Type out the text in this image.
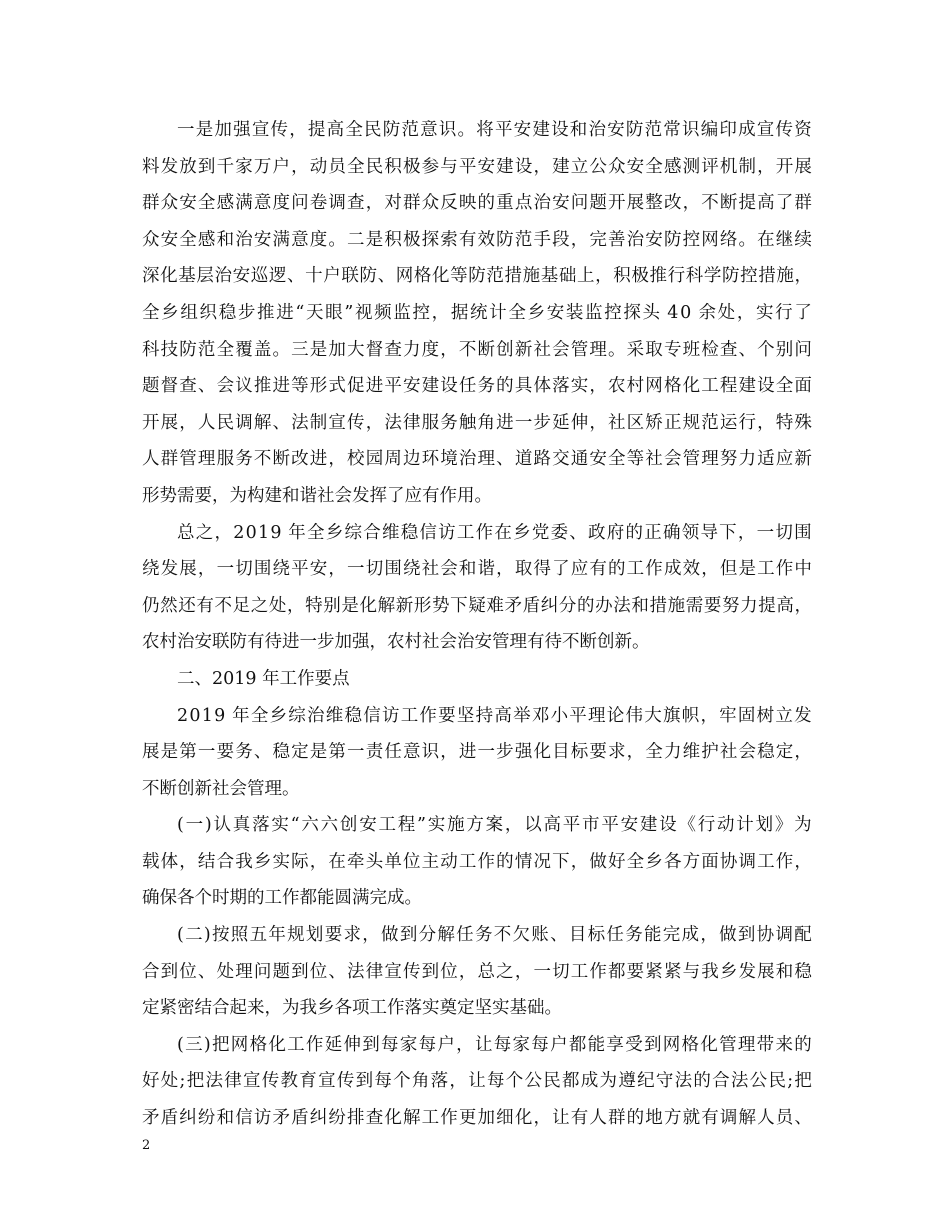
　　一 是 加 强 宣 传 ， 提 高 全 民 防 范 意 识 。 将 平 安 建 设 和 治 安 防 范 常 识 编 印 成 宣 传 资
料 发 放 到 千 家 万 户 ， 动 员 全 民 积 极 参 与 平 安 建 设 ， 建 立 公 众 安 全 感 测 评 机 制 ， 开 展
群 众 安 全 感 满 意 度 问 卷 调 查 ， 对 群 众 反 映 的 重 点 治 安 问 题 开 展 整 改 ， 不 断 提 高 了 群
众 安 全 感 和 治 安 满 意 度 。 二 是 积 极 探 索 有 效 防 范 手 段 ， 完 善 治 安 防 控 网 络 。 在 继 续
深 化 基 层 治 安 巡 逻 、 十 户 联 防 、 网 格 化 等 防 范 措 施 基 础 上 ， 积 极 推 行 科 学 防 控 措 施 ，
全 乡 组 织 稳 步 推 进 “ 天 眼 ” 视 频 监 控 ， 据 统 计 全 乡 安 装 监 控 探 头 4 0 余 处 ， 实 行 了
科 技 防 范 全 覆 盖 。 三 是 加 大 督 查 力 度 ， 不 断 创 新 社 会 管 理 。 采 取 专 班 检 查 、 个 别 问
题 督 查 、 会 议 推 进 等 形 式 促 进 平 安 建 设 任 务 的 具 体 落 实 ， 农 村 网 格 化 工 程 建 设 全 面
开 展 ， 人 民 调 解 、 法 制 宣 传 ， 法 律 服 务 触 角 进 一 步 延 伸 ， 社 区 矫 正 规 范 运 行 ， 特 殊
人 群 管 理 服 务 不 断 改 进 ， 校 园 周 边 环 境 治 理 、 道 路 交 通 安 全 等 社 会 管 理 努 力 适 应 新
形势需要，为构建和谐社会发挥了应有作用。
　　总 之 ， 2 0 1 9 年 全 乡 综 合 维 稳 信 访 工 作 在 乡 党 委 、 政 府 的 正 确 领 导 下 ， 一 切 围
绕 发 展 ， 一 切 围 绕 平 安 ， 一 切 围 绕 社 会 和 谐 ， 取 得 了 应 有 的 工 作 成 效 ， 但 是 工 作 中
仍 然 还 有 不 足 之 处 ， 特 别 是 化 解 新 形 势 下 疑 难 矛 盾 纠 分 的 办 法 和 措 施 需 要 努 力 提 高 ，
农村治安联防有待进一步加强，农村社会治安管理有待不断创新。
　　二、2019 年工作要点
　　2 0 1 9 年 全 乡 综 治 维 稳 信 访 工 作 要 坚 持 高 举 邓 小 平 理 论 伟 大 旗 帜 ， 牢 固 树 立 发
展 是 第 一 要 务 、 稳 定 是 第 一 责 任 意 识 ， 进 一 步 强 化 目 标 要 求 ， 全 力 维 护 社 会 稳 定 ，
不断创新社会管理。
　　( 一 ) 认 真 落 实 “ 六 六 创 安 工 程 ” 实 施 方 案 ， 以 高 平 市 平 安 建 设 《 行 动 计 划 》 为
载 体 ， 结 合 我 乡 实 际 ， 在 牵 头 单 位 主 动 工 作 的 情 况 下 ， 做 好 全 乡 各 方 面 协 调 工 作 ，
确保各个时期的工作都能圆满完成。
　　( 二 ) 按 照 五 年 规 划 要 求 ， 做 到 分 解 任 务 不 欠 账 、 目 标 任 务 能 完 成 ， 做 到 协 调 配
合 到 位 、 处 理 问 题 到 位 、 法 律 宣 传 到 位 ， 总 之 ， 一 切 工 作 都 要 紧 紧 与 我 乡 发 展 和 稳
定紧密结合起来，为我乡各项工作落实奠定坚实基础。
　　( 三 ) 把 网 格 化 工 作 延 伸 到 每 家 每 户 ， 让 每 家 每 户 都 能 享 受 到 网 格 化 管 理 带 来 的
好 处 ; 把 法 律 宣 传 教 育 宣 传 到 每 个 角 落 ， 让 每 个 公 民 都 成 为 遵 纪 守 法 的 合 法 公 民 ; 把
矛 盾 纠 纷 和 信 访 矛 盾 纠 纷 排 查 化 解 工 作 更 加 细 化 ， 让 有 人 群 的 地 方 就 有 调 解 人 员 、
2
